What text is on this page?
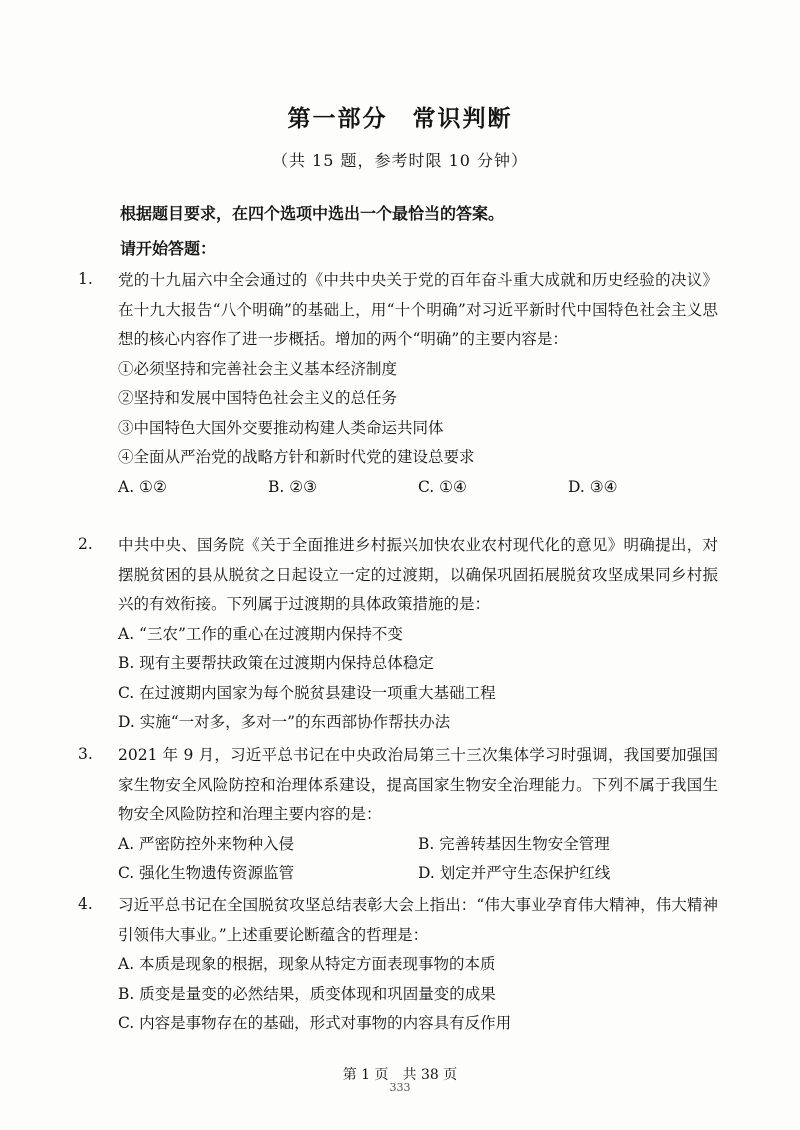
第一部分　常识判断
（共 15 题，参考时限 10 分钟）
根据题目要求，在四个选项中选出一个最恰当的答案。
请开始答题：
1. 党的十九届六中全会通过的《中共中央关于党的百年奋斗重大成就和历史经验的决议》在十九大报告“八个明确”的基础上，用“十个明确”对习近平新时代中国特色社会主义思想的核心内容作了进一步概括。增加的两个“明确”的主要内容是：
①必须坚持和完善社会主义基本经济制度
②坚持和发展中国特色社会主义的总任务
③中国特色大国外交要推动构建人类命运共同体
④全面从严治党的战略方针和新时代党的建设总要求
A. ①②	B. ②③	C. ①④	D. ③④
2. 中共中央、国务院《关于全面推进乡村振兴加快农业农村现代化的意见》明确提出，对摆脱贫困的县从脱贫之日起设立一定的过渡期，以确保巩固拓展脱贫攻坚成果同乡村振兴的有效衔接。下列属于过渡期的具体政策措施的是：
A. “三农”工作的重心在过渡期内保持不变
B. 现有主要帮扶政策在过渡期内保持总体稳定
C. 在过渡期内国家为每个脱贫县建设一项重大基础工程
D. 实施“一对多，多对一”的东西部协作帮扶办法
3. 2021 年 9 月，习近平总书记在中央政治局第三十三次集体学习时强调，我国要加强国家生物安全风险防控和治理体系建设，提高国家生物安全治理能力。下列不属于我国生物安全风险防控和治理主要内容的是：
A. 严密防控外来物种入侵	B. 完善转基因生物安全管理
C. 强化生物遗传资源监管	D. 划定并严守生态保护红线
4. 习近平总书记在全国脱贫攻坚总结表彰大会上指出：“伟大事业孕育伟大精神，伟大精神引领伟大事业。”上述重要论断蕴含的哲理是：
A. 本质是现象的根据，现象从特定方面表现事物的本质
B. 质变是量变的必然结果，质变体现和巩固量变的成果
C. 内容是事物存在的基础，形式对事物的内容具有反作用
第 1 页　共 38 页
333
